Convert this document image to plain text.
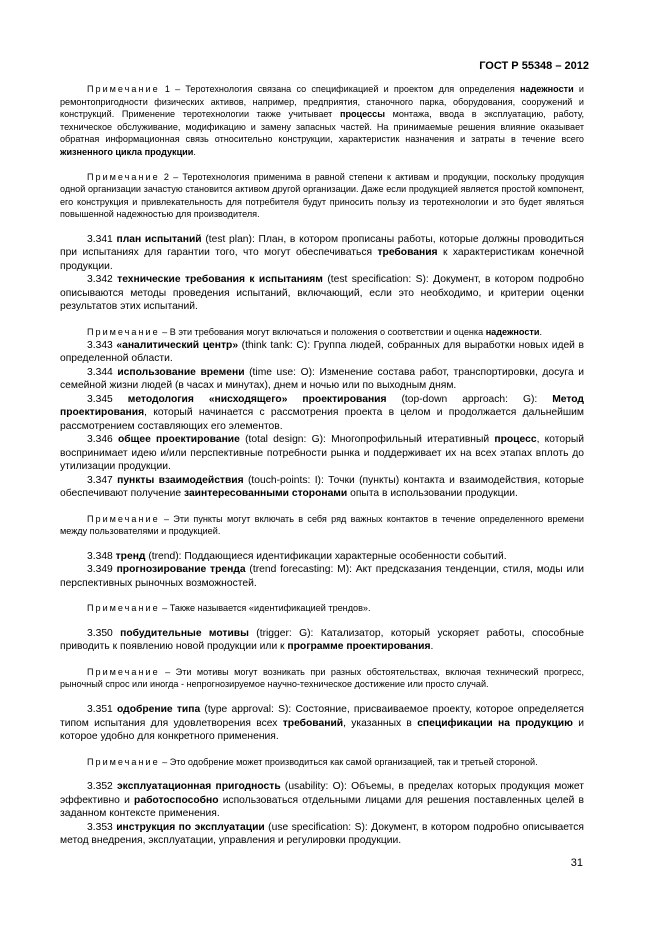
ГОСТ Р 55348 – 2012

Примечание 1 – Теротехнология связана со спецификацией и проектом для определения надежности и ремонтопригодности физических активов, например, предприятия, станочного парка, оборудования, сооружений и конструкций. Применение теротехнологии также учитывает процессы монтажа, ввода в эксплуатацию, работу, техническое обслуживание, модификацию и замену запасных частей. На принимаемые решения влияние оказывает обратная информационная связь относительно конструкции, характеристик назначения и затраты в течение всего жизненного цикла продукции.

Примечание 2 – Теротехнология применима в равной степени к активам и продукции, поскольку продукция одной организации зачастую становится активом другой организации. Даже если продукцией является простой компонент, его конструкция и привлекательность для потребителя будут приносить пользу из теротехнологии и это будет являться повышенной надежностью для производителя.

3.341 план испытаний (test plan): План, в котором прописаны работы, которые должны проводиться при испытаниях для гарантии того, что могут обеспечиваться требования к характеристикам конечной продукции.

3.342 технические требования к испытаниям (test specification: S): Документ, в котором подробно описываются методы проведения испытаний, включающий, если это необходимо, и критерии оценки результатов этих испытаний.

Примечание – В эти требования могут включаться и положения о соответствии и оценка надежности.

3.343 «аналитический центр» (think tank: C): Группа людей, собранных для выработки новых идей в определенной области.

3.344 использование времени (time use: O): Изменение состава работ, транспортировки, досуга и семейной жизни людей (в часах и минутах), днем и ночью или по выходным дням.

3.345 методология «нисходящего» проектирования (top-down approach: G): Метод проектирования, который начинается с рассмотрения проекта в целом и продолжается дальнейшим рассмотрением составляющих его элементов.

3.346 общее проектирование (total design: G): Многопрофильный итеративный процесс, который воспринимает идею и/или перспективные потребности рынка и поддерживает их на всех этапах вплоть до утилизации продукции.

3.347 пункты взаимодействия (touch-points: I): Точки (пункты) контакта и взаимодействия, которые обеспечивают получение заинтересованными сторонами опыта в использовании продукции.

Примечание – Эти пункты могут включать в себя ряд важных контактов в течение определенного времени между пользователями и продукцией.

3.348 тренд (trend): Поддающиеся идентификации характерные особенности событий.

3.349 прогнозирование тренда (trend forecasting: M): Акт предсказания тенденции, стиля, моды или перспективных рыночных возможностей.

Примечание – Также называется «идентификацией трендов».

3.350 побудительные мотивы (trigger: G): Катализатор, который ускоряет работы, способные приводить к появлению новой продукции или к программе проектирования.

Примечание – Эти мотивы могут возникать при разных обстоятельствах, включая технический прогресс, рыночный спрос или иногда - непрогнозируемое научно-техническое достижение или просто случай.

3.351 одобрение типа (type approval: S): Состояние, присваиваемое проекту, которое определяется типом испытания для удовлетворения всех требований, указанных в спецификации на продукцию и которое удобно для конкретного применения.

Примечание – Это одобрение может производиться как самой организацией, так и третьей стороной.

3.352 эксплуатационная пригодность (usability: O): Объемы, в пределах которых продукция может эффективно и работоспособно использоваться отдельными лицами для решения поставленных целей в заданном контексте применения.

3.353 инструкция по эксплуатации (use specification: S): Документ, в котором подробно описывается метод внедрения, эксплуатации, управления и регулировки продукции.

31
